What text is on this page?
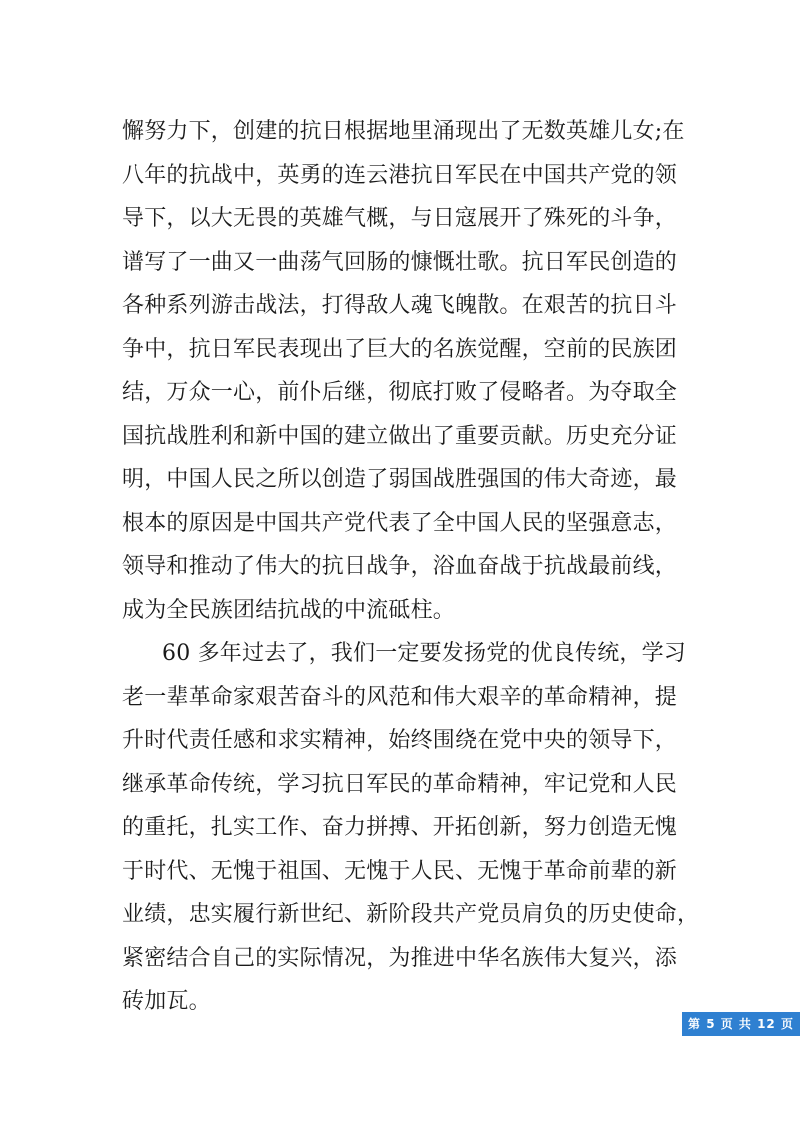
懈努力下，创建的抗日根据地里涌现出了无数英雄儿女;在
八年的抗战中，英勇的连云港抗日军民在中国共产党的领
导下，以大无畏的英雄气概，与日寇展开了殊死的斗争，
谱写了一曲又一曲荡气回肠的慷慨壮歌。抗日军民创造的
各种系列游击战法，打得敌人魂飞魄散。在艰苦的抗日斗
争中，抗日军民表现出了巨大的名族觉醒，空前的民族团
结，万众一心，前仆后继，彻底打败了侵略者。为夺取全
国抗战胜利和新中国的建立做出了重要贡献。历史充分证
明，中国人民之所以创造了弱国战胜强国的伟大奇迹，最
根本的原因是中国共产党代表了全中国人民的坚强意志，
领导和推动了伟大的抗日战争，浴血奋战于抗战最前线，
成为全民族团结抗战的中流砥柱。
60 多年过去了，我们一定要发扬党的优良传统，学习
老一辈革命家艰苦奋斗的风范和伟大艰辛的革命精神，提
升时代责任感和求实精神，始终围绕在党中央的领导下，
继承革命传统，学习抗日军民的革命精神，牢记党和人民
的重托，扎实工作、奋力拼搏、开拓创新，努力创造无愧
于时代、无愧于祖国、无愧于人民、无愧于革命前辈的新
业绩，忠实履行新世纪、新阶段共产党员肩负的历史使命，
紧密结合自己的实际情况，为推进中华名族伟大复兴，添
砖加瓦。
第 5 页 共 12 页
